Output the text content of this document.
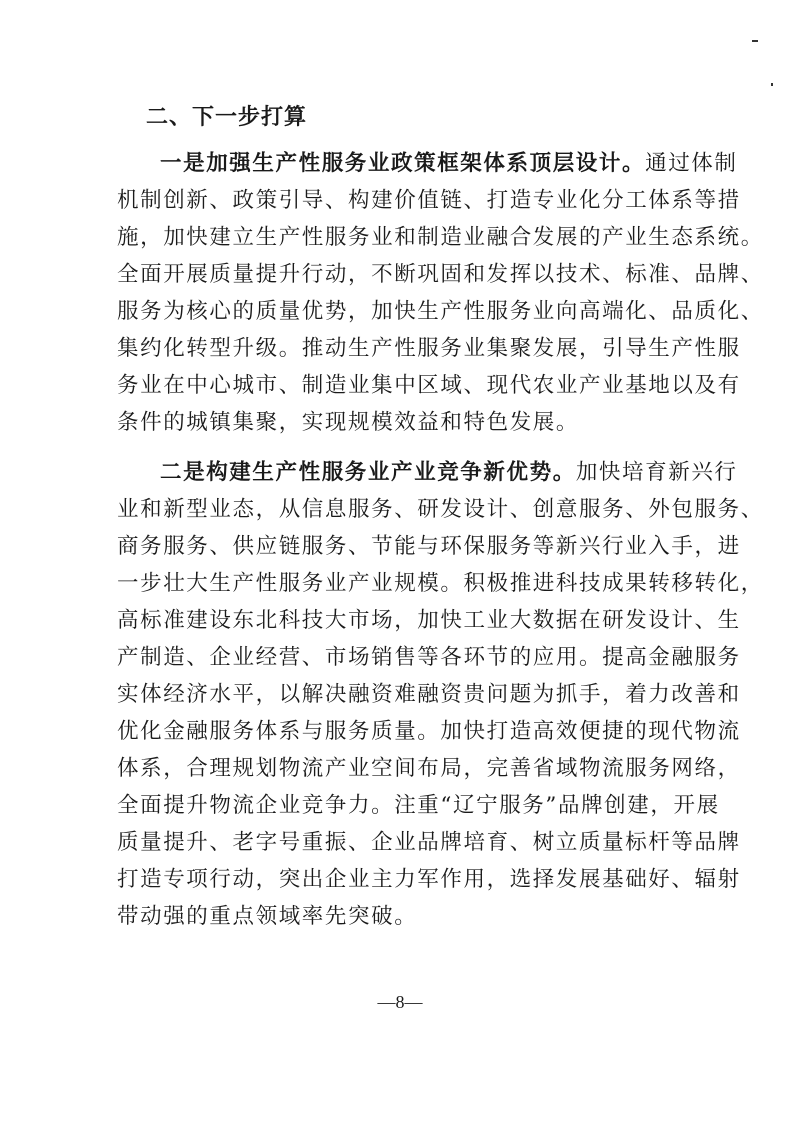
二、下一步打算
一是加强生产性服务业政策框架体系顶层设计。通过体制
机制创新、政策引导、构建价值链、打造专业化分工体系等措
施，加快建立生产性服务业和制造业融合发展的产业生态系统。
全面开展质量提升行动，不断巩固和发挥以技术、标准、品牌、
服务为核心的质量优势，加快生产性服务业向高端化、品质化、
集约化转型升级。推动生产性服务业集聚发展，引导生产性服
务业在中心城市、制造业集中区域、现代农业产业基地以及有
条件的城镇集聚，实现规模效益和特色发展。
二是构建生产性服务业产业竞争新优势。加快培育新兴行
业和新型业态，从信息服务、研发设计、创意服务、外包服务、
商务服务、供应链服务、节能与环保服务等新兴行业入手，进
一步壮大生产性服务业产业规模。积极推进科技成果转移转化，
高标准建设东北科技大市场，加快工业大数据在研发设计、生
产制造、企业经营、市场销售等各环节的应用。提高金融服务
实体经济水平，以解决融资难融资贵问题为抓手，着力改善和
优化金融服务体系与服务质量。加快打造高效便捷的现代物流
体系，合理规划物流产业空间布局，完善省域物流服务网络，
全面提升物流企业竞争力。注重“辽宁服务”品牌创建，开展
质量提升、老字号重振、企业品牌培育、树立质量标杆等品牌
打造专项行动，突出企业主力军作用，选择发展基础好、辐射
带动强的重点领域率先突破。
—8—
